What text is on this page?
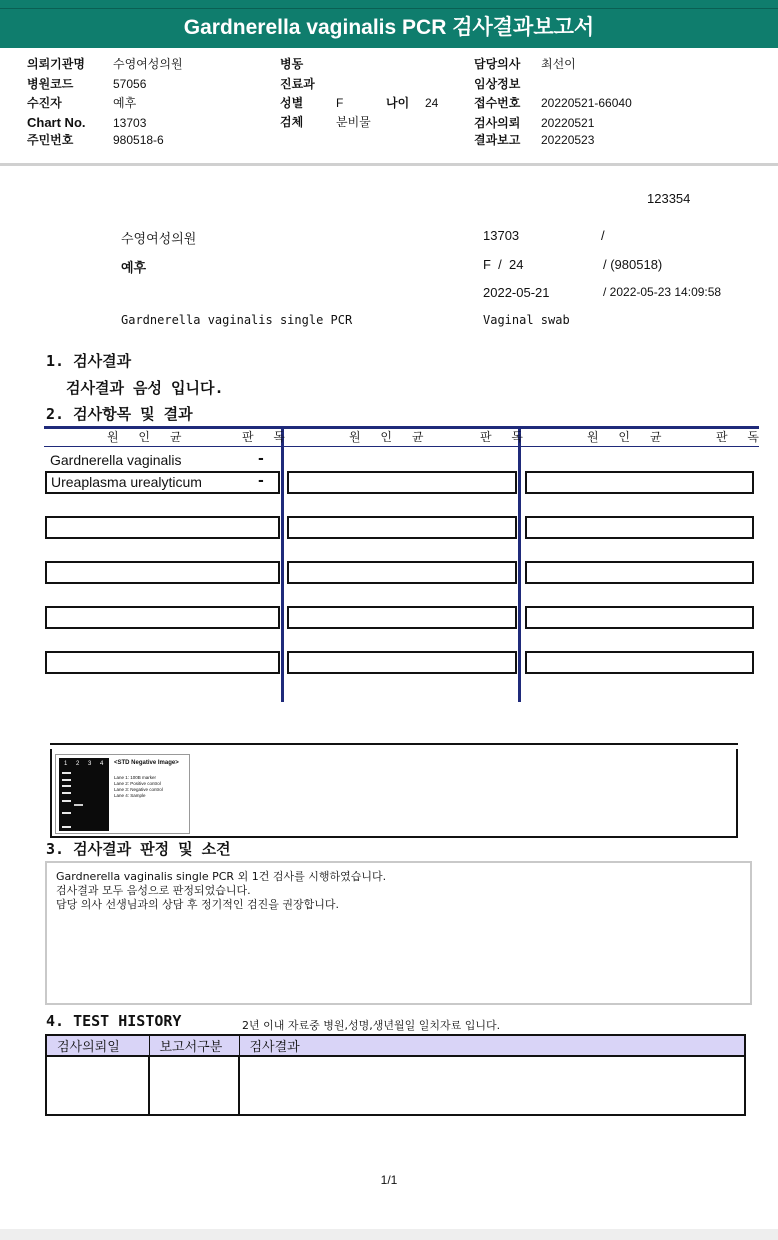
Gardnerella vaginalis PCR 검사결과보고서
의뢰기관명 수영여성의원
병원코드	57056
수진자	예후
Chart No. 13703
주민번호	980518-6
병동
진료과
성별	F	나이 24
검체	분비물
담당의사 최선이
임상정보
접수번호 20220521-66040
검사의뢰 20220521
결과보고 20220523
123354
수영여성의원	13703	/
예후	F  /  24	/ (980518)
2022-05-21	/ 2022-05-23 14:09:58
Gardnerella vaginalis single PCR	Vaginal swab
1. 검사결과
검사결과 음성 입니다.
2. 검사항목 및 결과
원 인 균	판 독	원 인 균	판 독	원 인 균	판 독
Gardnerella vaginalis	-
Ureaplasma urealyticum	-
1 2 3 4 <STD Negative Image>
Lane 1: 100B marker
Lane 2: Positive control
Lane 3: Negative control
Lane 4: Sample
3. 검사결과 판정 및 소견
Gardnerella vaginalis single PCR 외 1건 검사를 시행하였습니다.
검사결과 모두 음성으로 판정되었습니다.
담당 의사 선생님과의 상담 후 정기적인 검진을 권장합니다.
4. TEST HISTORY	2년 이내 자료중 병원,성명,생년월일 일치자료 입니다.
검사의뢰일	보고서구분	검사결과

1/1
